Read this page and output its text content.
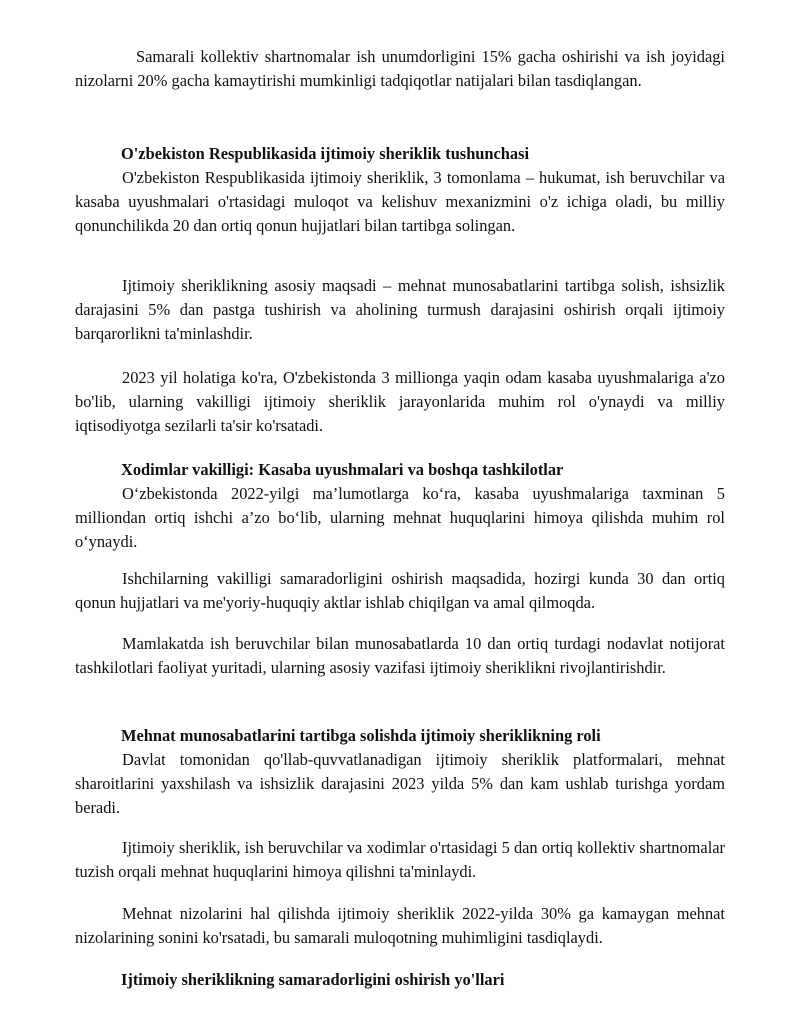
Samarali kollektiv shartnomalar ish unumdorligini 15% gacha oshirishi va ish joyidagi nizolarni 20% gacha kamaytirishi mumkinligi tadqiqotlar natijalari bilan tasdiqlangan.

O'zbekiston Respublikasida ijtimoiy sheriklik tushunchasi

O'zbekiston Respublikasida ijtimoiy sheriklik, 3 tomonlama – hukumat, ish beruvchilar va kasaba uyushmalari o'rtasidagi muloqot va kelishuv mexanizmini o'z ichiga oladi, bu milliy qonunchilikda 20 dan ortiq qonun hujjatlari bilan tartibga solingan.

Ijtimoiy sheriklikning asosiy maqsadi – mehnat munosabatlarini tartibga solish, ishsizlik darajasini 5% dan pastga tushirish va aholining turmush darajasini oshirish orqali ijtimoiy barqarorlikni ta'minlashdir.

2023 yil holatiga ko'ra, O'zbekistonda 3 millionga yaqin odam kasaba uyushmalariga a'zo bo'lib, ularning vakilligi ijtimoiy sheriklik jarayonlarida muhim rol o'ynaydi va milliy iqtisodiyotga sezilarli ta'sir ko'rsatadi.

Xodimlar vakilligi: Kasaba uyushmalari va boshqa tashkilotlar

O‘zbekistonda 2022-yilgi ma’lumotlarga ko‘ra, kasaba uyushmalariga taxminan 5 milliondan ortiq ishchi a’zo bo‘lib, ularning mehnat huquqlarini himoya qilishda muhim rol o‘ynaydi.

Ishchilarning vakilligi samaradorligini oshirish maqsadida, hozirgi kunda 30 dan ortiq qonun hujjatlari va me'yoriy-huquqiy aktlar ishlab chiqilgan va amal qilmoqda.

Mamlakatda ish beruvchilar bilan munosabatlarda 10 dan ortiq turdagi nodavlat notijorat tashkilotlari faoliyat yuritadi, ularning asosiy vazifasi ijtimoiy sheriklikni rivojlantirishdir.

Mehnat munosabatlarini tartibga solishda ijtimoiy sheriklikning roli

Davlat tomonidan qo'llab-quvvatlanadigan ijtimoiy sheriklik platformalari, mehnat sharoitlarini yaxshilash va ishsizlik darajasini 2023 yilda 5% dan kam ushlab turishga yordam beradi.

Ijtimoiy sheriklik, ish beruvchilar va xodimlar o'rtasidagi 5 dan ortiq kollektiv shartnomalar tuzish orqali mehnat huquqlarini himoya qilishni ta'minlaydi.

Mehnat nizolarini hal qilishda ijtimoiy sheriklik 2022-yilda 30% ga kamaygan mehnat nizolarining sonini ko'rsatadi, bu samarali muloqotning muhimligini tasdiqlaydi.

Ijtimoiy sheriklikning samaradorligini oshirish yo'llari
